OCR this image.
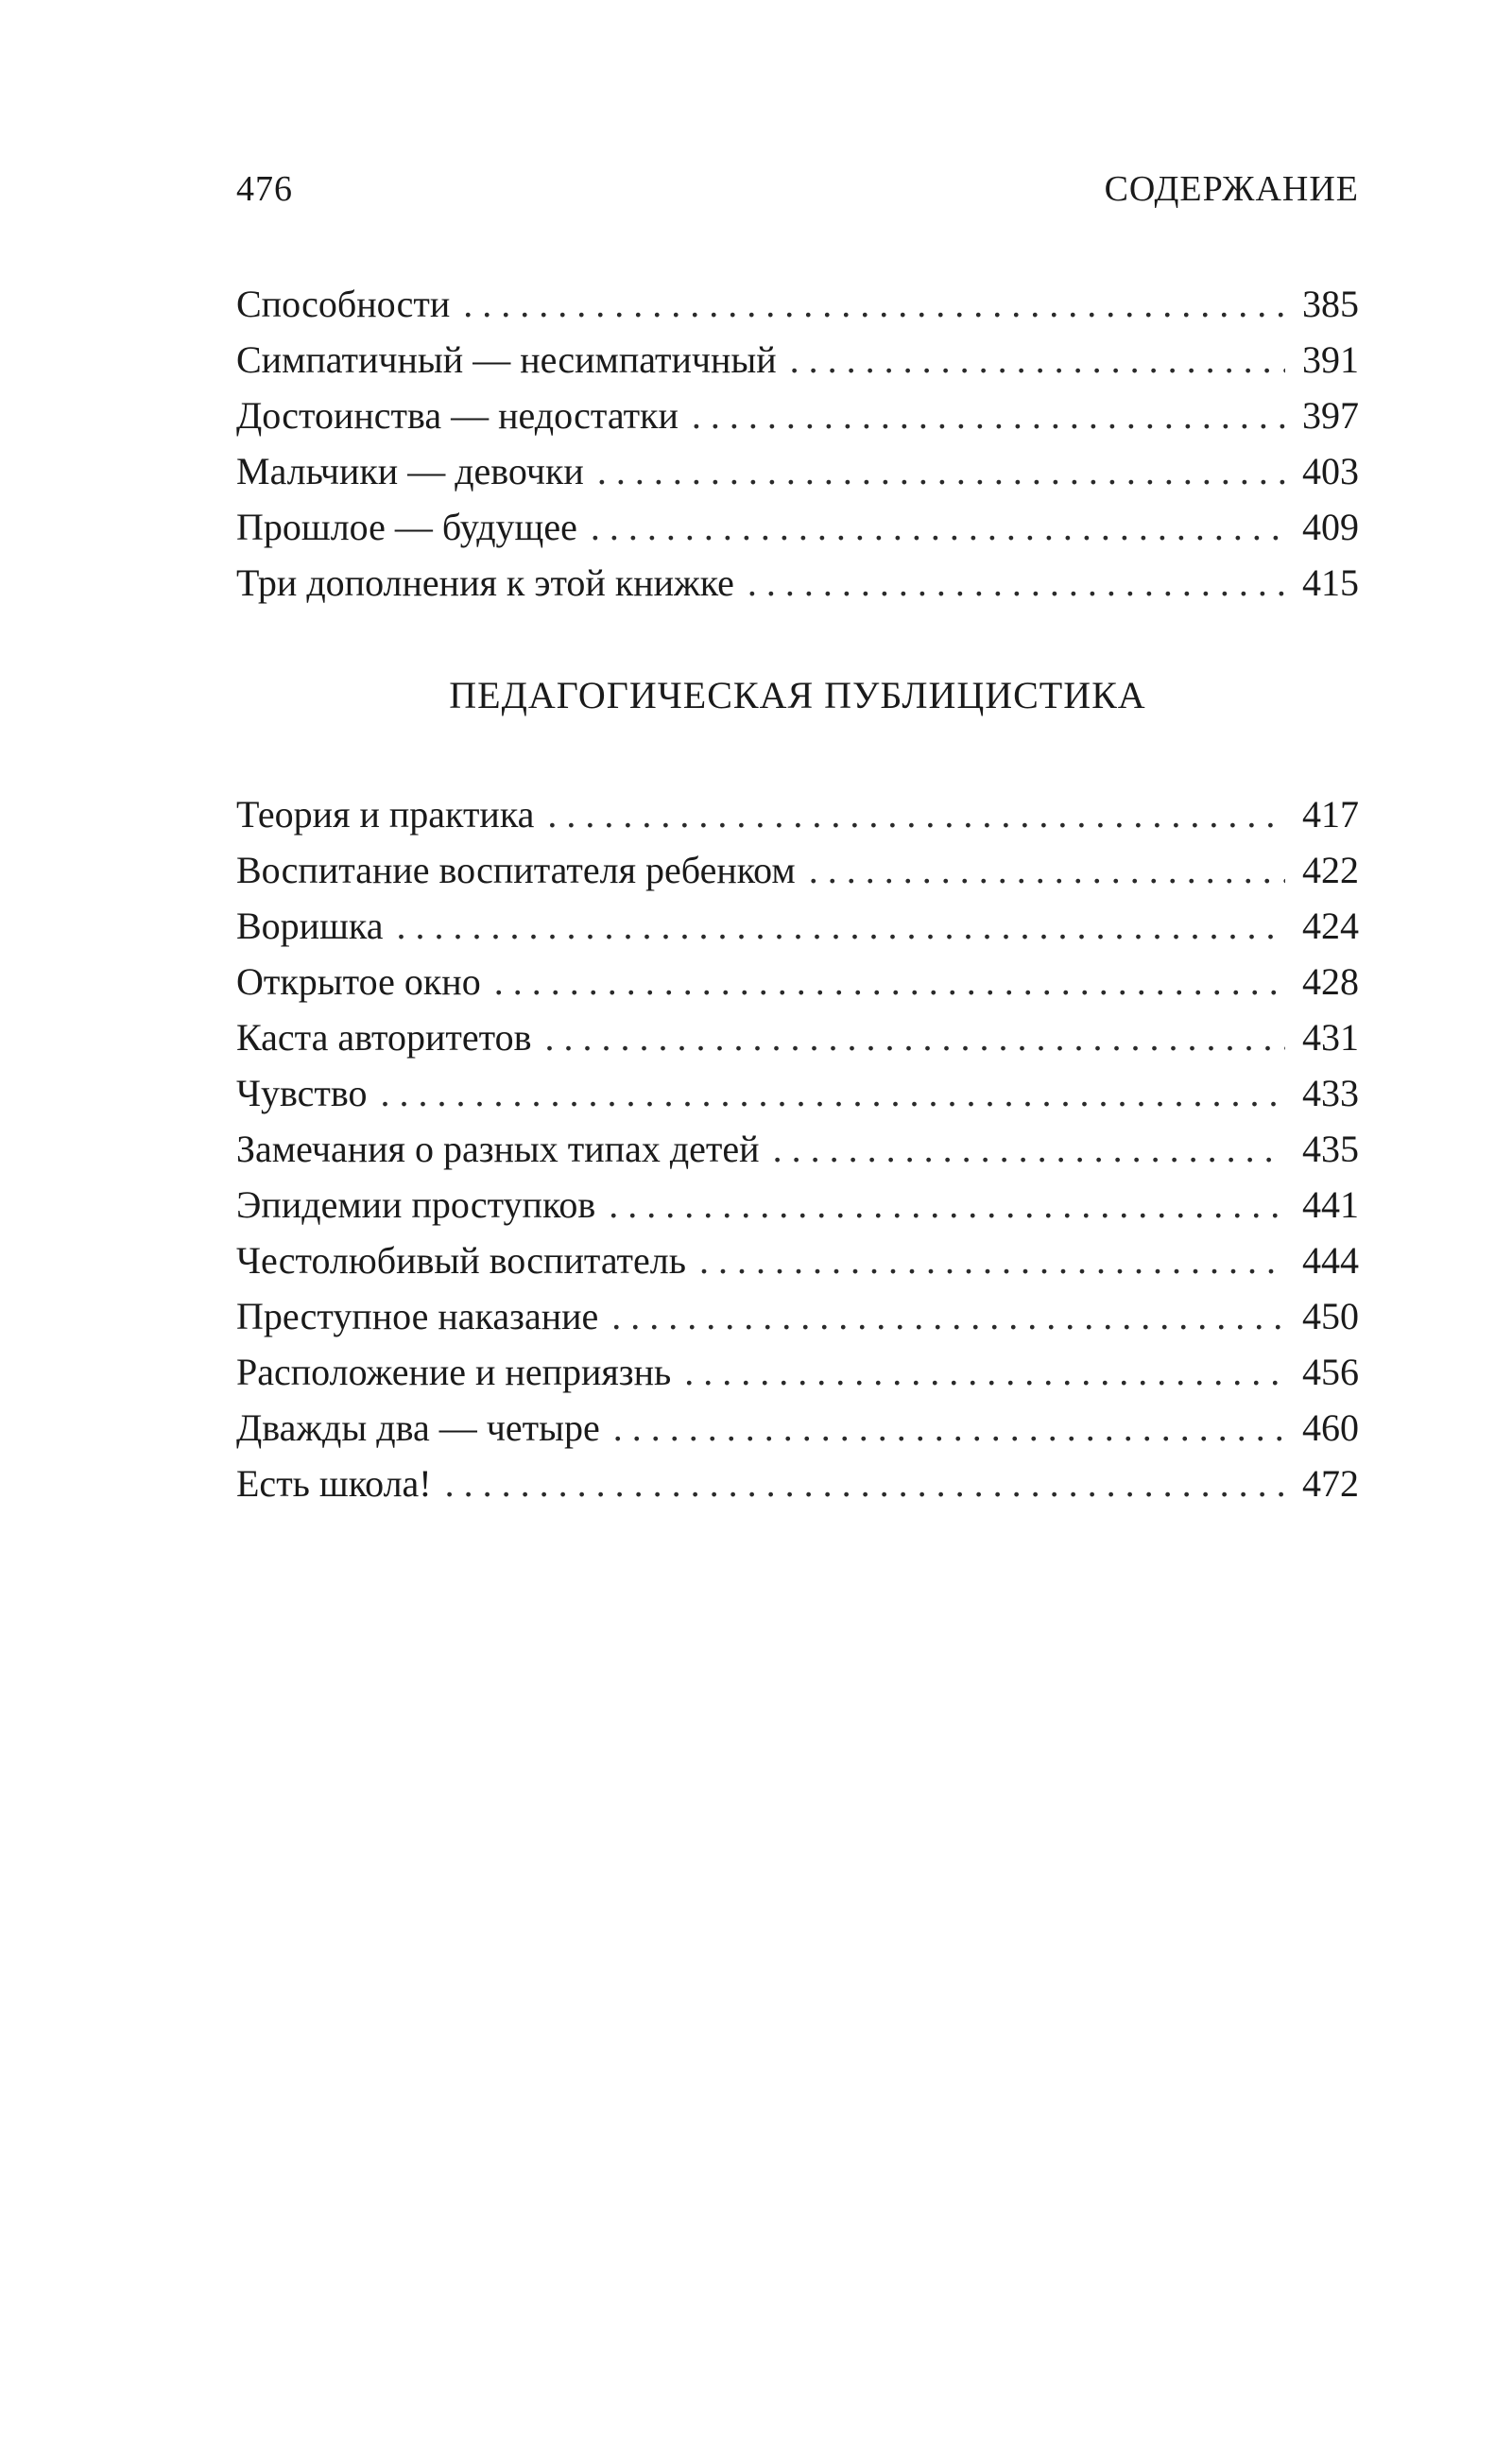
476	СОДЕРЖАНИЕ
Способности . . .	385
Симпатичный — несимпатичный . . .	391
Достоинства — недостатки . . .	397
Мальчики — девочки . . .	403
Прошлое — будущее . . .	409
Три дополнения к этой книжке . . .	415
ПЕДАГОГИЧЕСКАЯ ПУБЛИЦИСТИКА
Теория и практика . . .	417
Воспитание воспитателя ребенком . . .	422
Воришка . . .	424
Открытое окно . . .	428
Каста авторитетов . . .	431
Чувство . . .	433
Замечания о разных типах детей . . .	435
Эпидемии проступков . . .	441
Честолюбивый воспитатель . . .	444
Преступное наказание . . .	450
Расположение и неприязнь . . .	456
Дважды два — четыре . . .	460
Есть школа! . . .	472
